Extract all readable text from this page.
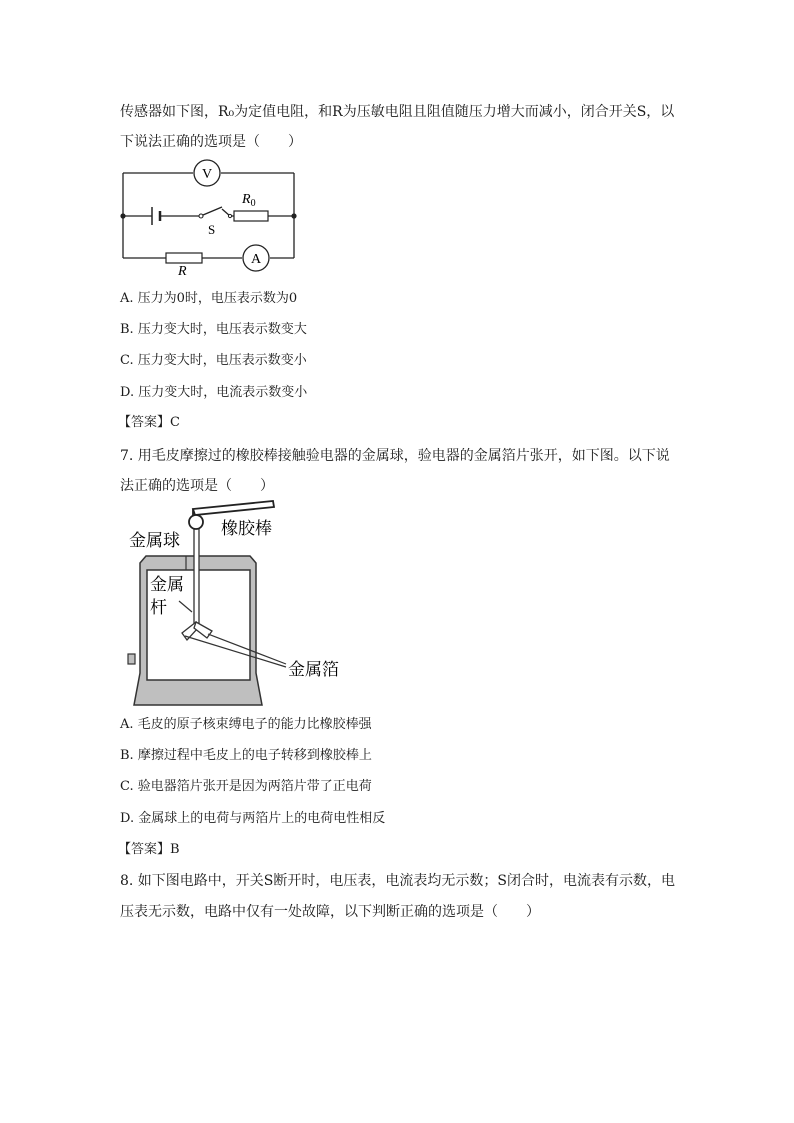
传感器如下图，R₀为定值电阻，和R为压敏电阻且阻值随压力增大而减小，闭合开关S，以
下说法正确的选项是（　　）
V
S
$R_0$
R
A
A. 压力为0时，电压表示数为0
B. 压力变大时，电压表示数变大
C. 压力变大时，电压表示数变小
D. 压力变大时，电流表示数变小
【答案】C
7. 用毛皮摩擦过的橡胶棒接触验电器的金属球，验电器的金属箔片张开，如下图。以下说
法正确的选项是（　　）
金属球
橡胶棒
金属
杆
金属箔
A. 毛皮的原子核束缚电子的能力比橡胶棒强
B. 摩擦过程中毛皮上的电子转移到橡胶棒上
C. 验电器箔片张开是因为两箔片带了正电荷
D. 金属球上的电荷与两箔片上的电荷电性相反
【答案】B
8. 如下图电路中，开关S断开时，电压表，电流表均无示数；S闭合时，电流表有示数，电
压表无示数，电路中仅有一处故障，以下判断正确的选项是（　　）
